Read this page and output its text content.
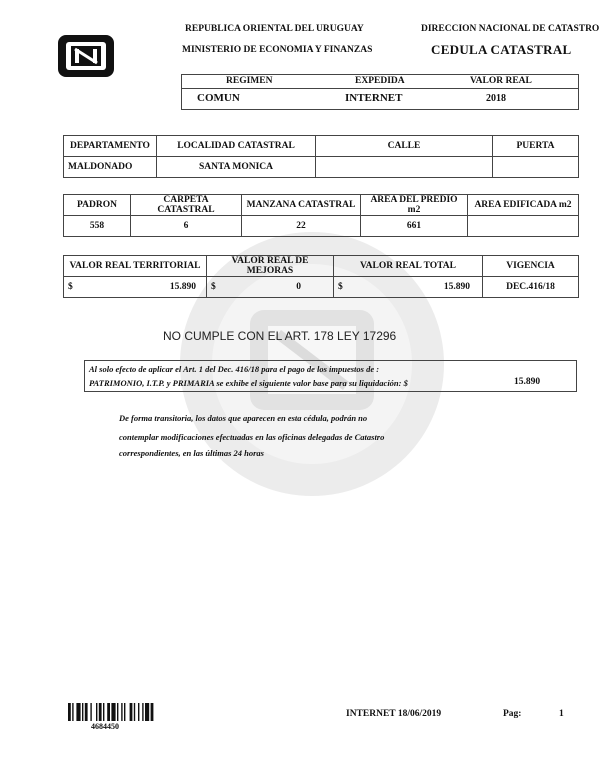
REPUBLICA ORIENTAL DEL URUGUAY
MINISTERIO DE ECONOMIA Y FINANZAS
DIRECCION NACIONAL DE CATASTRO
CEDULA CATASTRAL
REGIMEN	EXPEDIDA	VALOR REAL
COMUN	INTERNET	2018
DEPARTAMENTO	LOCALIDAD CATASTRAL	CALLE	PUERTA
MALDONADO	SANTA MONICA		
PADRON	CARPETA CATASTRAL	MANZANA CATASTRAL	AREA DEL PREDIO m2	AREA EDIFICADA m2
558	6	22	661	
VALOR REAL TERRITORIAL	VALOR REAL DE MEJORAS	VALOR REAL TOTAL	VIGENCIA
$ 15.890	$ 0	$ 15.890	DEC.416/18
NO CUMPLE CON EL ART. 178 LEY 17296
Al solo efecto de aplicar el Art. 1 del Dec. 416/18 para el pago de los impuestos de :
PATRIMONIO, I.T.P. y PRIMARIA se exhibe el siguiente valor base para su liquidación: $	15.890
De forma transitoria, los datos que aparecen en esta cédula, podrán no
contemplar modificaciones efectuadas en las oficinas delegadas de Catastro
correspondientes, en las últimas 24 horas
4684450
INTERNET 18/06/2019	Pag:	1
